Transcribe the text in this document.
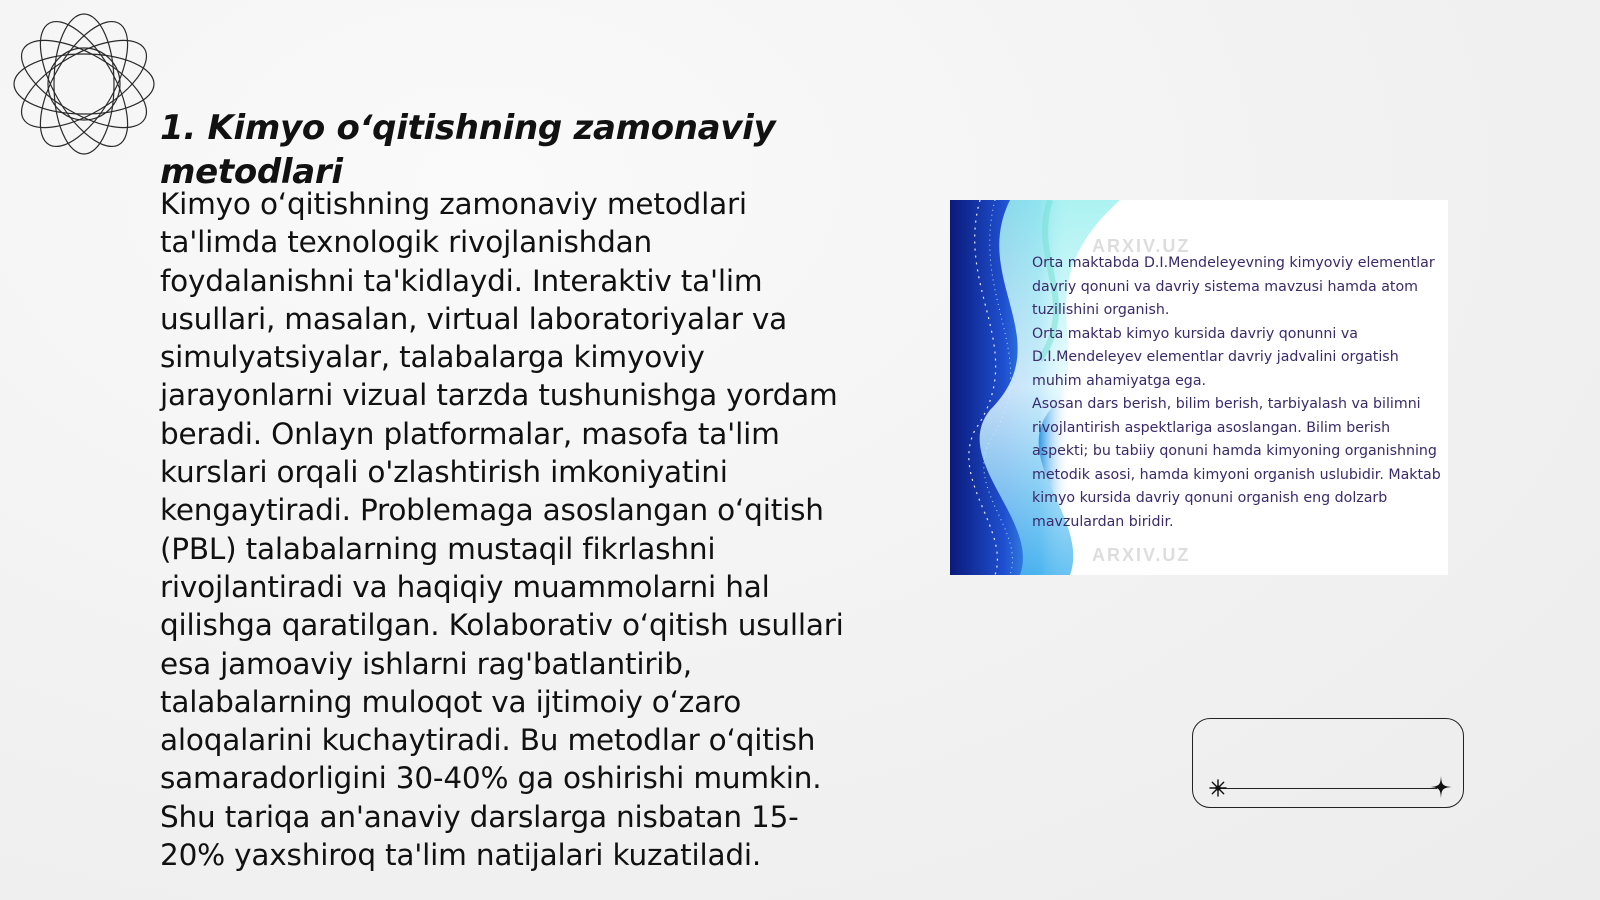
1. Kimyo oʻqitishning zamonaviy metodlari

Kimyo oʻqitishning zamonaviy metodlari ta'limda texnologik rivojlanishdan foydalanishni ta'kidlaydi. Interaktiv ta'lim usullari, masalan, virtual laboratoriyalar va simulyatsiyalar, talabalarga kimyoviy jarayonlarni vizual tarzda tushunishga yordam beradi. Onlayn platformalar, masofa ta'lim kurslari orqali o'zlashtirish imkoniyatini kengaytiradi. Problemaga asoslangan oʻqitish (PBL) talabalarning mustaqil fikrlashni rivojlantiradi va haqiqiy muammolarni hal qilishga qaratilgan. Kolaborativ oʻqitish usullari esa jamoaviy ishlarni rag'batlantirib, talabalarning muloqot va ijtimoiy oʻzaro aloqalarini kuchaytiradi. Bu metodlar oʻqitish samaradorligini 30-40% ga oshirishi mumkin. Shu tariqa an'anaviy darslarga nisbatan 15-20% yaxshiroq ta'lim natijalari kuzatiladi.

ARXIV.UZ
ARXIV.UZ

Orta maktabda D.I.Mendeleyevning kimyoviy elementlar davriy qonuni va davriy sistema mavzusi hamda atom tuzilishini organish.

Orta maktab kimyo kursida davriy qonunni va D.I.Mendeleyev elementlar davriy jadvalini orgatish muhim ahamiyatga ega.

Asosan dars berish, bilim berish, tarbiyalash va bilimni rivojlantirish aspektlariga asoslangan. Bilim berish aspekti; bu tabiiy qonuni hamda kimyoning organishning metodik asosi, hamda kimyoni organish uslubidir. Maktab kimyo kursida davriy qonuni organish eng dolzarb mavzulardan biridir.
